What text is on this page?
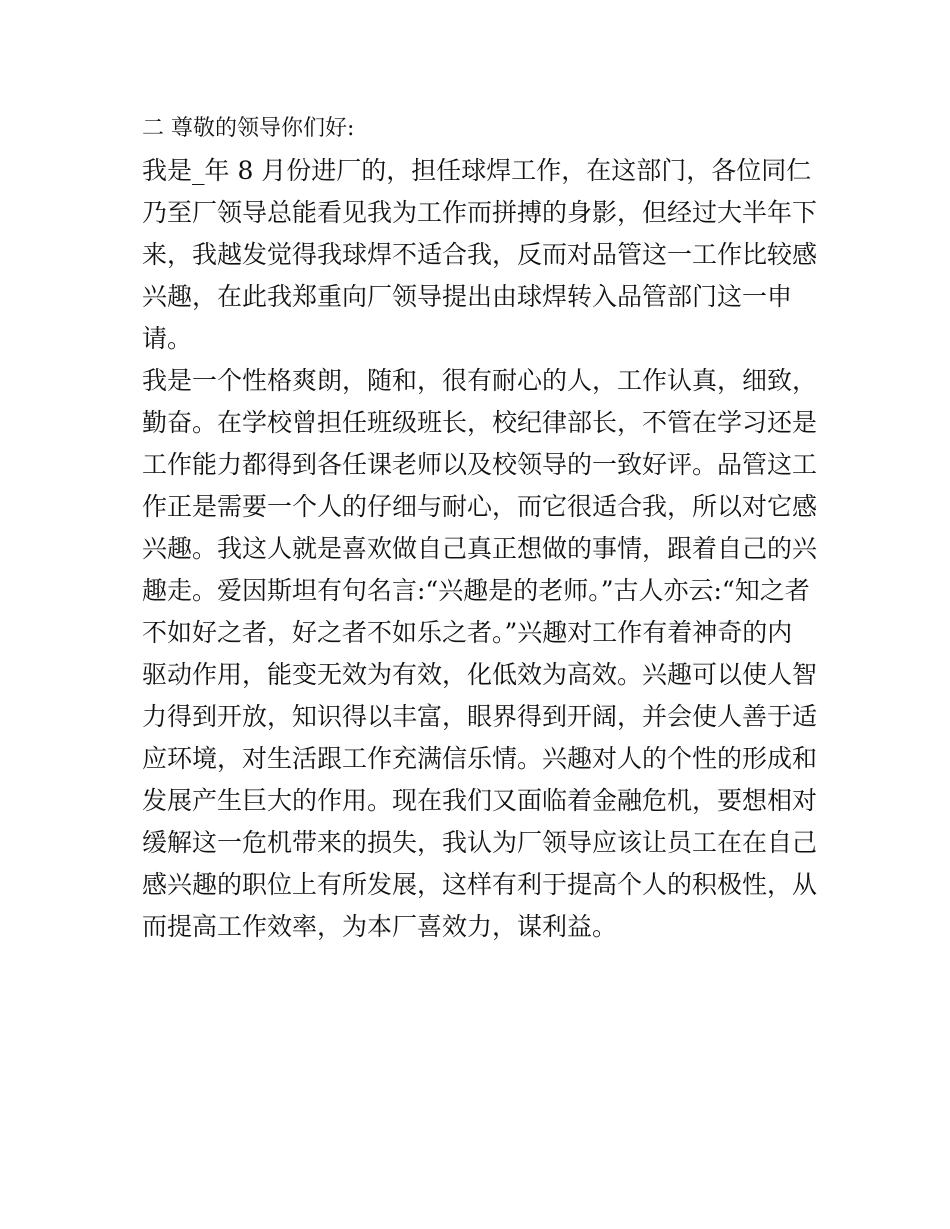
二 尊敬的领导你们好:
我是_年 8 月份进厂的，担任球焊工作，在这部门，各位同仁
乃至厂领导总能看见我为工作而拼搏的身影，但经过大半年下
来，我越发觉得我球焊不适合我，反而对品管这一工作比较感
兴趣，在此我郑重向厂领导提出由球焊转入品管部门这一申
请。
我是一个性格爽朗，随和，很有耐心的人，工作认真，细致，
勤奋。在学校曾担任班级班长，校纪律部长，不管在学习还是
工作能力都得到各任课老师以及校领导的一致好评。品管这工
作正是需要一个人的仔细与耐心，而它很适合我，所以对它感
兴趣。我这人就是喜欢做自己真正想做的事情，跟着自己的兴
趣走。爱因斯坦有句名言:“兴趣是的老师。”古人亦云:“知之者
不如好之者，好之者不如乐之者。”兴趣对工作有着神奇的内
驱动作用，能变无效为有效，化低效为高效。兴趣可以使人智
力得到开放，知识得以丰富，眼界得到开阔，并会使人善于适
应环境，对生活跟工作充满信乐情。兴趣对人的个性的形成和
发展产生巨大的作用。现在我们又面临着金融危机，要想相对
缓解这一危机带来的损失，我认为厂领导应该让员工在在自己
感兴趣的职位上有所发展，这样有利于提高个人的积极性，从
而提高工作效率，为本厂喜效力，谋利益。
